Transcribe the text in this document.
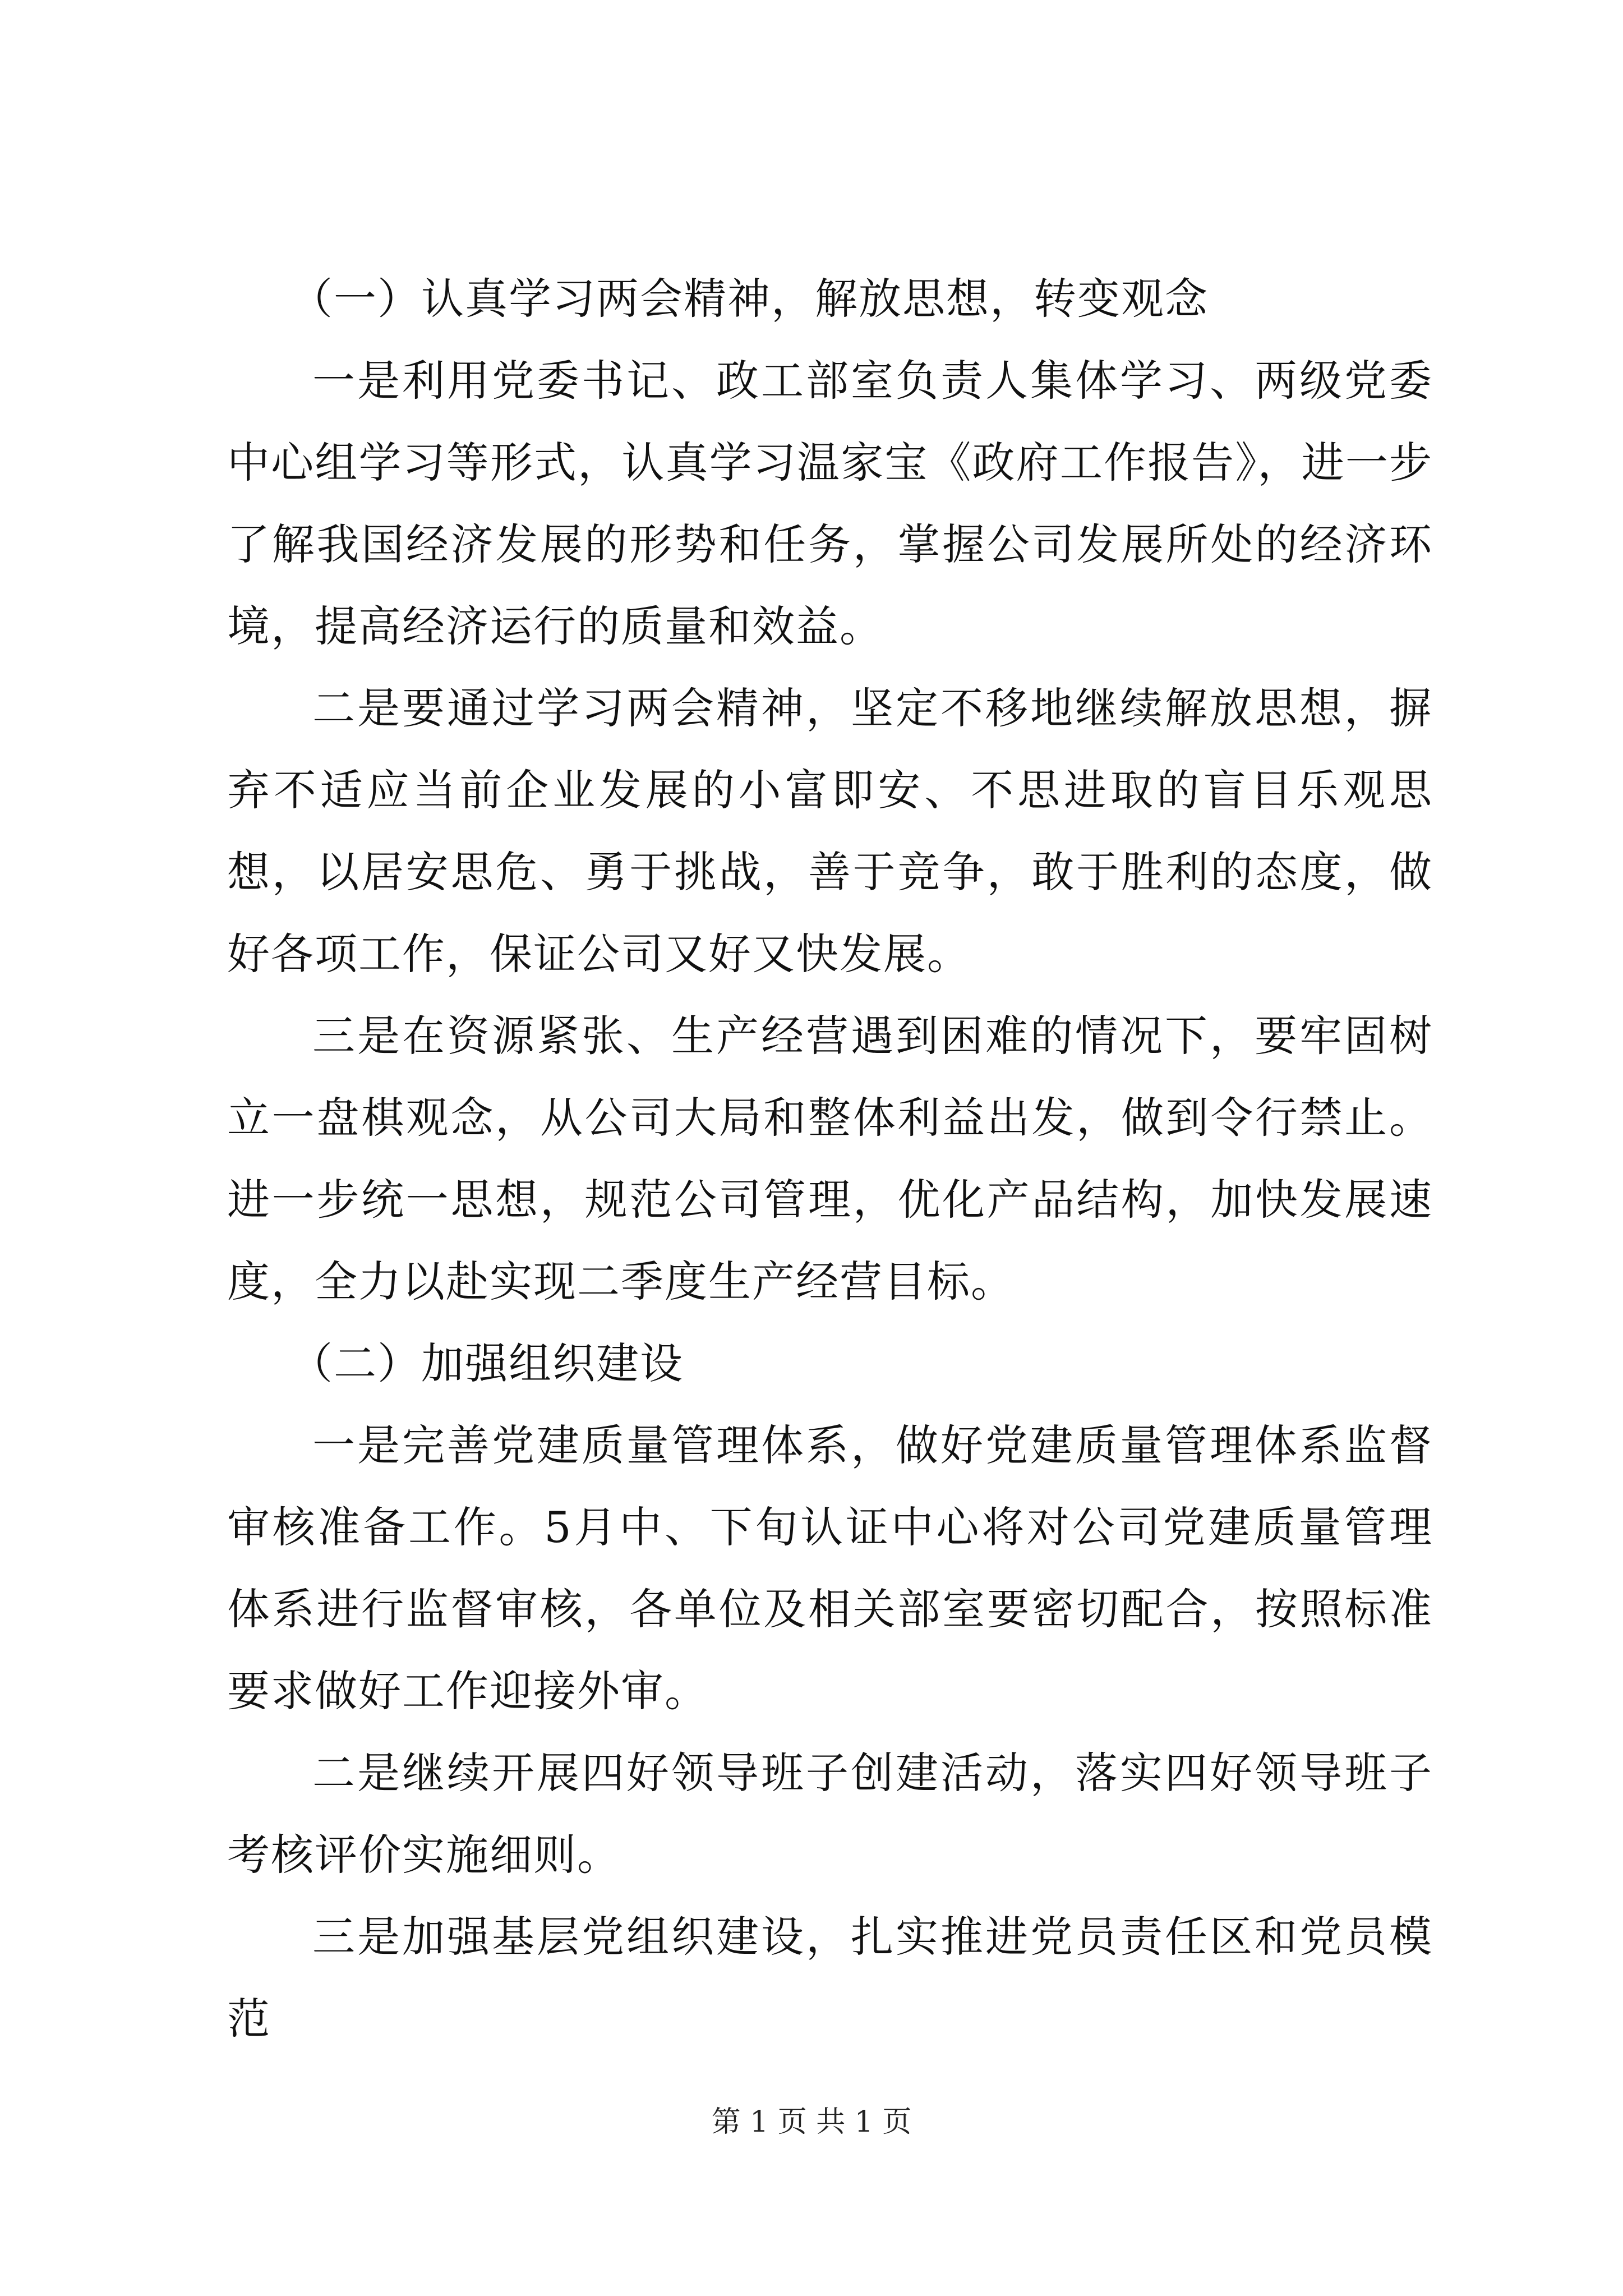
（一）认真学习两会精神，解放思想，转变观念

一是利用党委书记、政工部室负责人集体学习、两级党委中心组学习等形式，认真学习温家宝《政府工作报告》，进一步了解我国经济发展的形势和任务，掌握公司发展所处的经济环境，提高经济运行的质量和效益。

二是要通过学习两会精神，坚定不移地继续解放思想，摒弃不适应当前企业发展的小富即安、不思进取的盲目乐观思想，以居安思危、勇于挑战，善于竞争，敢于胜利的态度，做好各项工作，保证公司又好又快发展。

三是在资源紧张、生产经营遇到困难的情况下，要牢固树立一盘棋观念，从公司大局和整体利益出发，做到令行禁止。进一步统一思想，规范公司管理，优化产品结构，加快发展速度，全力以赴实现二季度生产经营目标。

（二）加强组织建设

一是完善党建质量管理体系，做好党建质量管理体系监督审核准备工作。5月中、下旬认证中心将对公司党建质量管理体系进行监督审核，各单位及相关部室要密切配合，按照标准要求做好工作迎接外审。

二是继续开展四好领导班子创建活动，落实四好领导班子考核评价实施细则。

三是加强基层党组织建设，扎实推进党员责任区和党员模范

第 1 页 共 1 页
